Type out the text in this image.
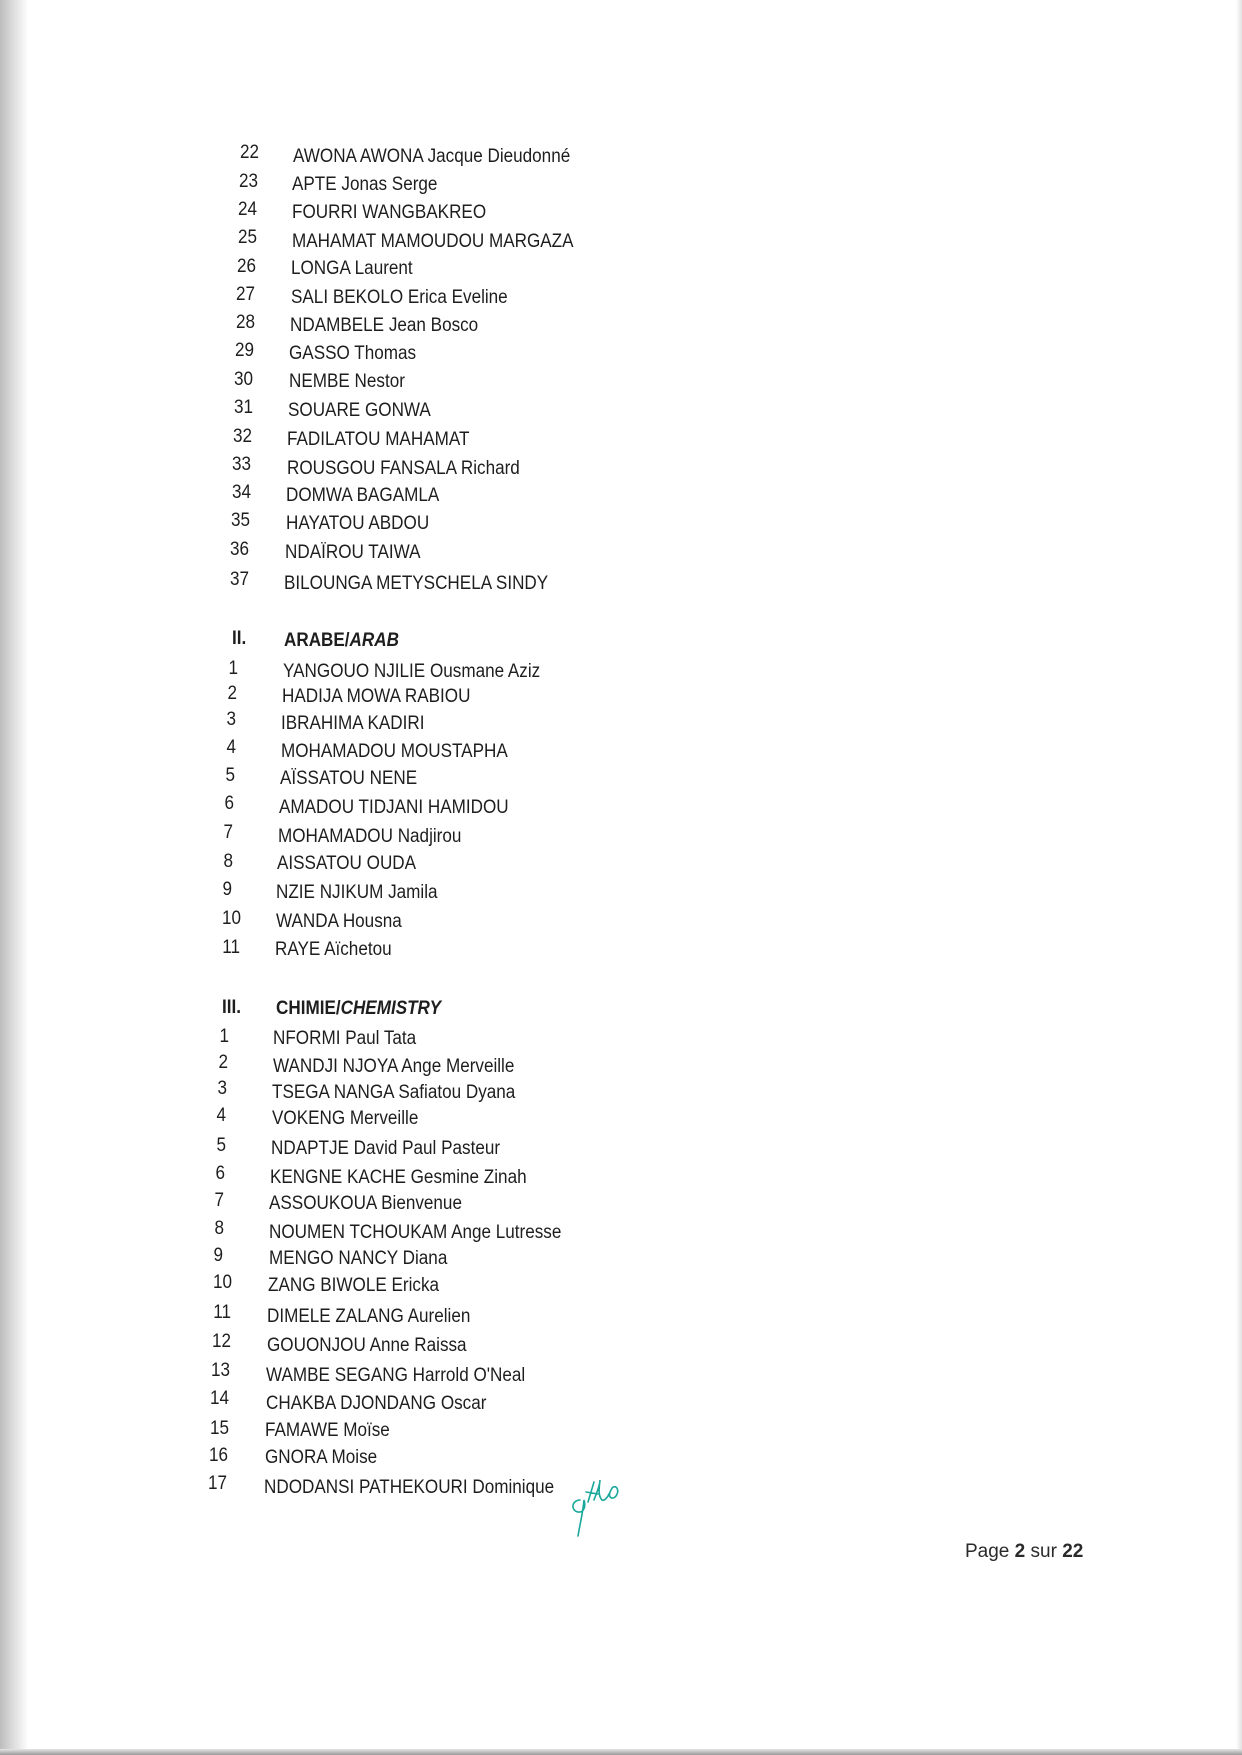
22 AWONA AWONA Jacque Dieudonné
23 APTE Jonas Serge
24 FOURRI WANGBAKREO
25 MAHAMAT MAMOUDOU MARGAZA
26 LONGA Laurent
27 SALI BEKOLO Erica Eveline
28 NDAMBELE Jean Bosco
29 GASSO Thomas
30 NEMBE Nestor
31 SOUARE GONWA
32 FADILATOU MAHAMAT
33 ROUSGOU FANSALA Richard
34 DOMWA BAGAMLA
35 HAYATOU ABDOU
36 NDAÏROU TAIWA
37 BILOUNGA METYSCHELA SINDY
II. ARABE/ARAB
1 YANGOUO NJILIE Ousmane Aziz
2 HADIJA MOWA RABIOU
3 IBRAHIMA KADIRI
4 MOHAMADOU MOUSTAPHA
5 AÏSSATOU NENE
6 AMADOU TIDJANI HAMIDOU
7 MOHAMADOU Nadjirou
8 AISSATOU OUDA
9 NZIE NJIKUM Jamila
10 WANDA Housna
11 RAYE Aïchetou
III. CHIMIE/CHEMISTRY
1 NFORMI Paul Tata
2 WANDJI NJOYA Ange Merveille
3 TSEGA NANGA Safiatou Dyana
4 VOKENG Merveille
5 NDAPTJE David Paul Pasteur
6 KENGNE KACHE Gesmine Zinah
7 ASSOUKOUA Bienvenue
8 NOUMEN TCHOUKAM Ange Lutresse
9 MENGO NANCY Diana
10 ZANG BIWOLE Ericka
11 DIMELE ZALANG Aurelien
12 GOUONJOU Anne Raissa
13 WAMBE SEGANG Harrold O'Neal
14 CHAKBA DJONDANG Oscar
15 FAMAWE Moïse
16 GNORA Moise
17 NDODANSI PATHEKOURI Dominique
Page 2 sur 22
